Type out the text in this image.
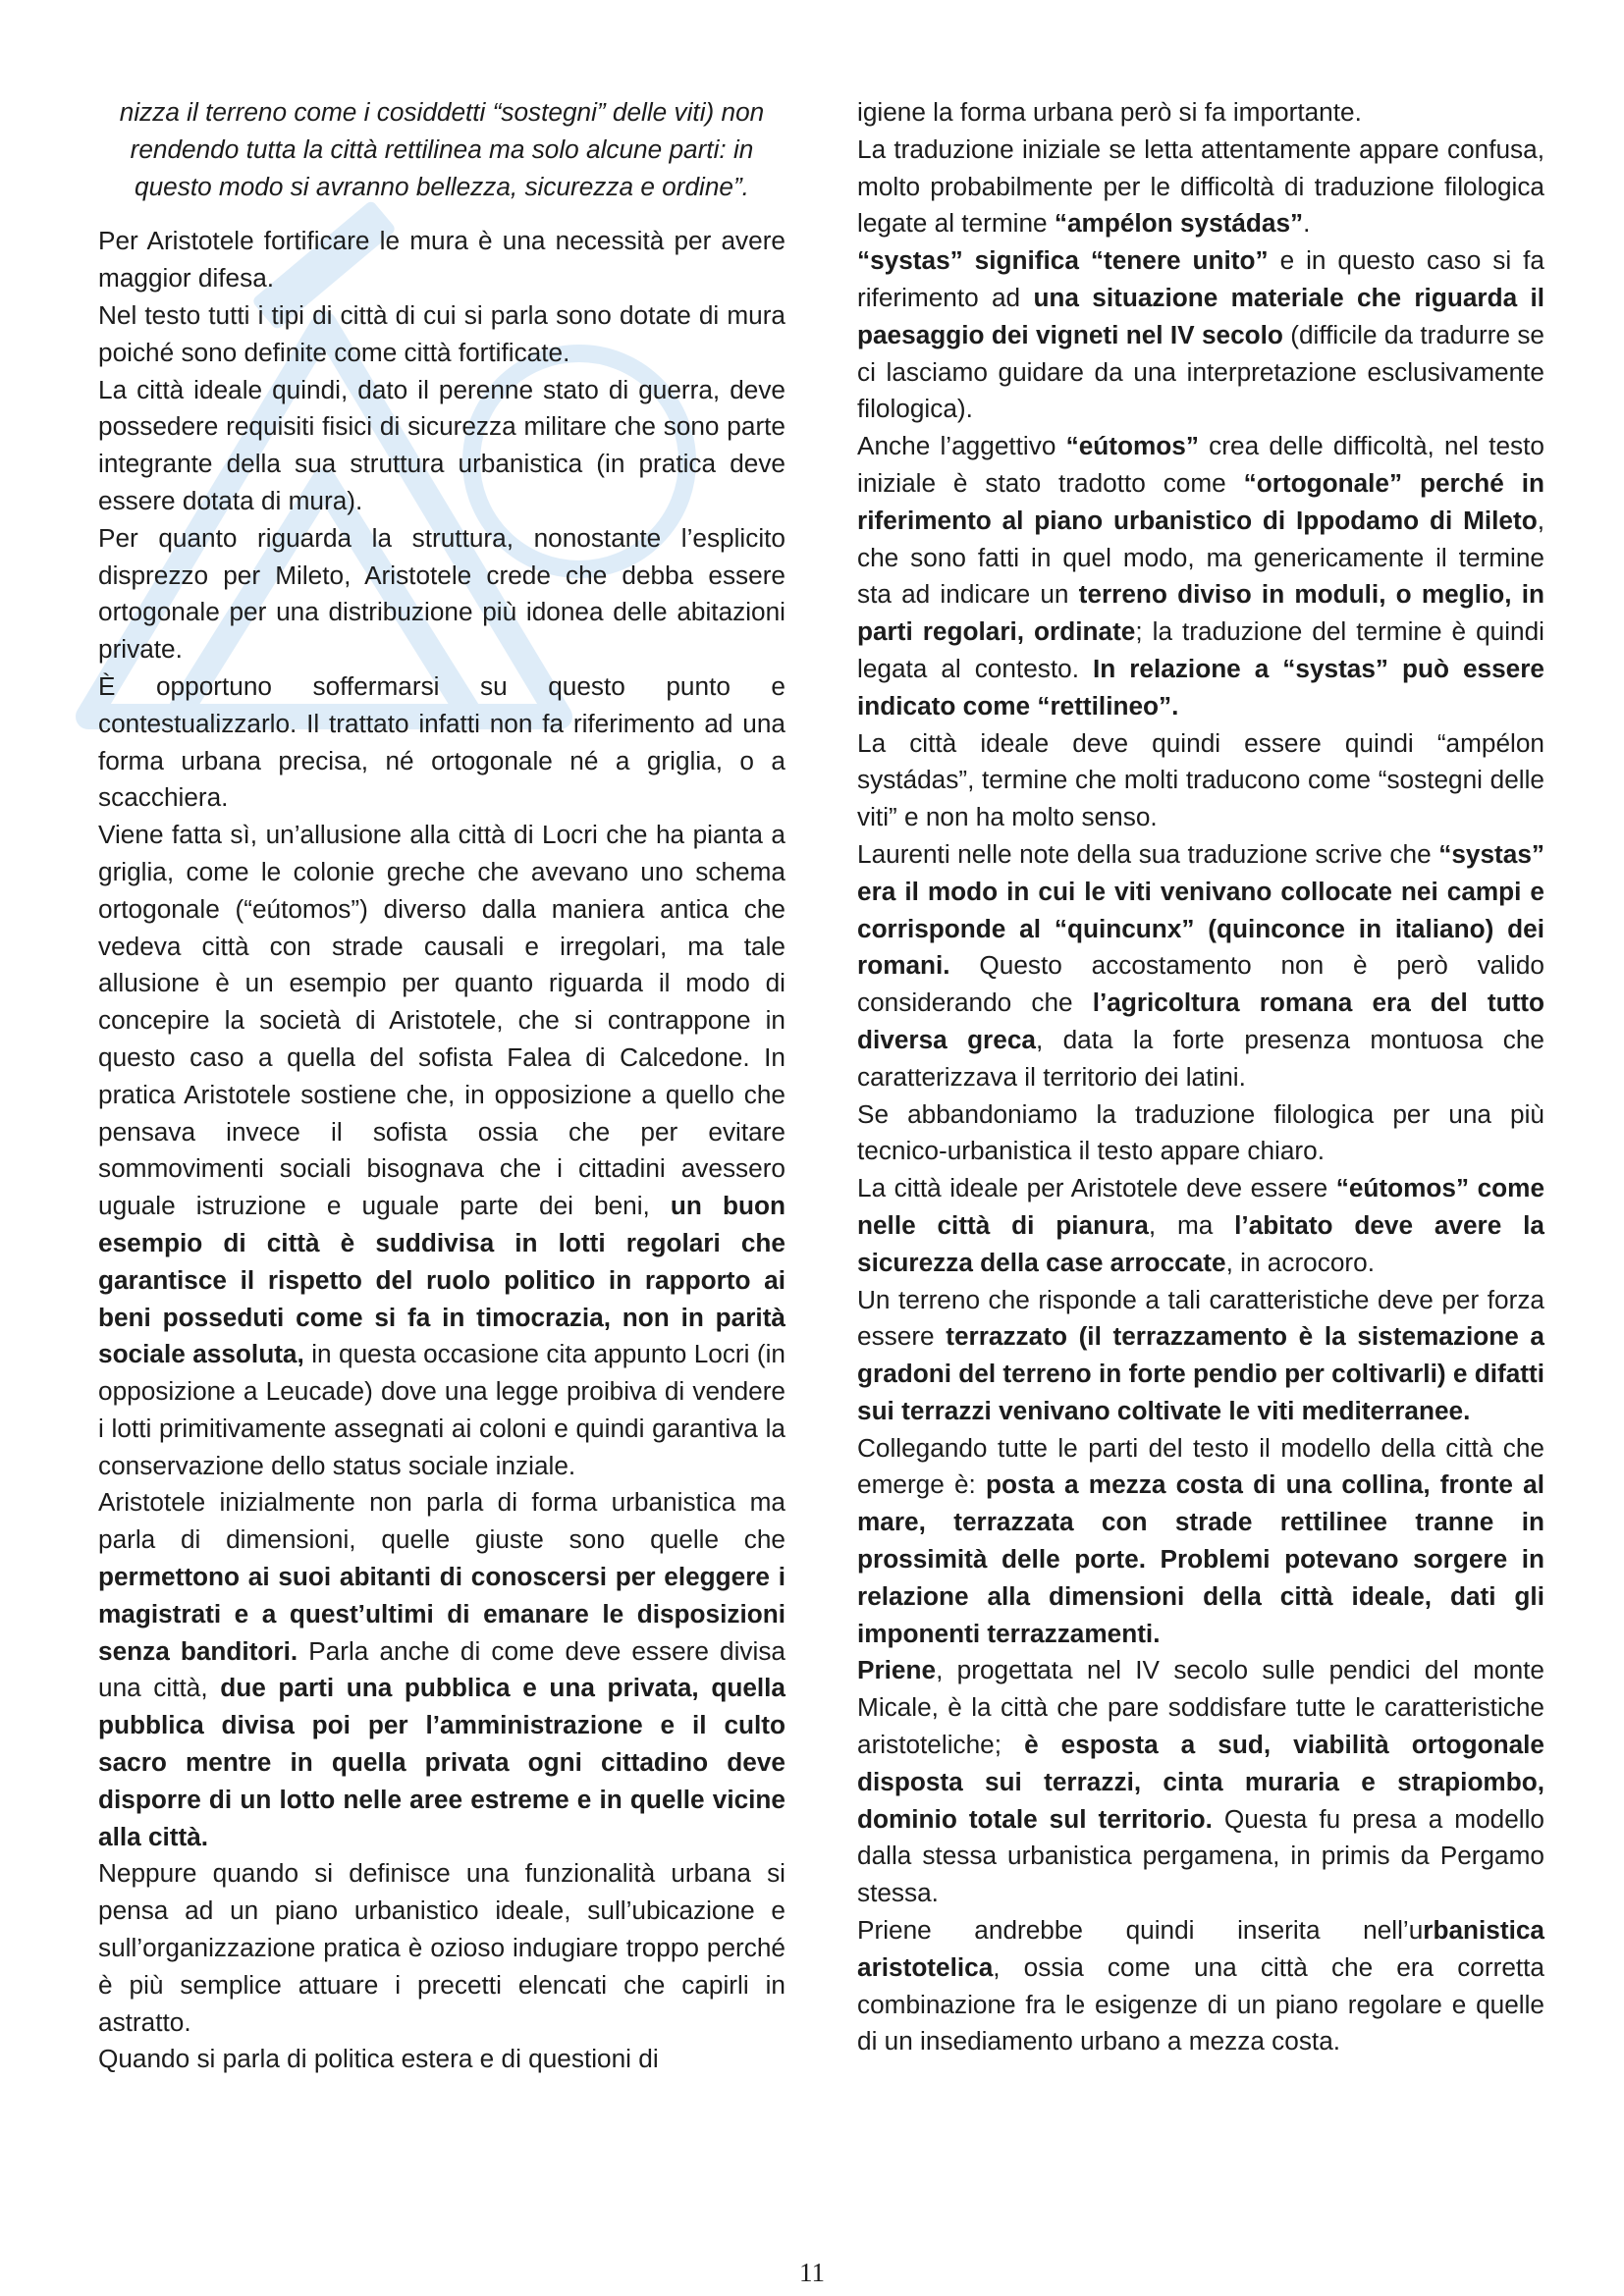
nizza il terreno come i cosiddetti “sostegni” delle viti) non rendendo tutta la città rettilinea ma solo alcune parti: in questo modo si avranno bellezza, sicurezza e ordine”.

Per Aristotele fortificare le mura è una necessità per avere maggior difesa.

Nel testo tutti i tipi di città di cui si parla sono dotate di mura poiché sono definite come città fortificate.

La città ideale quindi, dato il perenne stato di guerra, deve possedere requisiti fisici di sicurezza militare che sono parte integrante della sua struttura urbanistica (in pratica deve essere dotata di mura).

Per quanto riguarda la struttura, nonostante l’esplicito disprezzo per Mileto, Aristotele crede che debba essere ortogonale per una distribuzione più idonea delle abitazioni private.

È opportuno soffermarsi su questo punto e contestualizzarlo. Il trattato infatti non fa riferimento ad una forma urbana precisa, né ortogonale né a griglia, o a scacchiera.

Viene fatta sì, un’allusione alla città di Locri che ha pianta a griglia, come le colonie greche che avevano uno schema ortogonale (“eútomos”) diverso dalla maniera antica che vedeva città con strade causali e irregolari, ma tale allusione è un esempio per quanto riguarda il modo di concepire la società di Aristotele, che si contrappone in questo caso a quella del sofista Falea di Calcedone. In pratica Aristotele sostiene che, in opposizione a quello che pensava invece il sofista ossia che per evitare sommovimenti sociali bisognava che i cittadini avessero uguale istruzione e uguale parte dei beni, un buon esempio di città è suddivisa in lotti regolari che garantisce il rispetto del ruolo politico in rapporto ai beni posseduti come si fa in timocrazia, non in parità sociale assoluta, in questa occasione cita appunto Locri (in opposizione a Leucade) dove una legge proibiva di vendere i lotti primitivamente assegnati ai coloni e quindi garantiva la conservazione dello status sociale inziale.

Aristotele inizialmente non parla di forma urbanistica ma parla di dimensioni, quelle giuste sono quelle che permettono ai suoi abitanti di conoscersi per eleggere i magistrati e a quest’ultimi di emanare le disposizioni senza banditori. Parla anche di come deve essere divisa una città, due parti una pubblica e una privata, quella pubblica divisa poi per l’amministrazione e il culto sacro mentre in quella privata ogni cittadino deve disporre di un lotto nelle aree estreme e in quelle vicine alla città.

Neppure quando si definisce una funzionalità urbana si pensa ad un piano urbanistico ideale, sull’ubicazione e sull’organizzazione pratica è ozioso indugiare troppo perché è più semplice attuare i precetti elencati che capirli in astratto.

Quando si parla di politica estera e di questioni di

igiene la forma urbana però si fa importante.

La traduzione iniziale se letta attentamente appare confusa, molto probabilmente per le difficoltà di traduzione filologica legate al termine “ampélon systádas”.

“systas” significa “tenere unito” e in questo caso si fa riferimento ad una situazione materiale che riguarda il paesaggio dei vigneti nel IV secolo (difficile da tradurre se ci lasciamo guidare da una interpretazione esclusivamente filologica).

Anche l’aggettivo “eútomos” crea delle difficoltà, nel testo iniziale è stato tradotto come “ortogonale” perché in riferimento al piano urbanistico di Ippodamo di Mileto, che sono fatti in quel modo, ma genericamente il termine sta ad indicare un terreno diviso in moduli, o meglio, in parti regolari, ordinate; la traduzione del termine è quindi legata al contesto. In relazione a “systas” può essere indicato come “rettilineo”.

La città ideale deve quindi essere quindi “ampélon systádas”, termine che molti traducono come “sostegni delle viti” e non ha molto senso.

Laurenti nelle note della sua traduzione scrive che “systas” era il modo in cui le viti venivano collocate nei campi e corrisponde al “quincunx” (quinconce in italiano) dei romani. Questo accostamento non è però valido considerando che l’agricoltura romana era del tutto diversa greca, data la forte presenza montuosa che caratterizzava il territorio dei latini.

Se abbandoniamo la traduzione filologica per una più tecnico-urbanistica il testo appare chiaro.

La città ideale per Aristotele deve essere “eútomos” come nelle città di pianura, ma l’abitato deve avere la sicurezza della case arroccate, in acrocoro.

Un terreno che risponde a tali caratteristiche deve per forza essere terrazzato (il terrazzamento è la sistemazione a gradoni del terreno in forte pendio per coltivarli) e difatti sui terrazzi venivano coltivate le viti mediterranee.

Collegando tutte le parti del testo il modello della città che emerge è: posta a mezza costa di una collina, fronte al mare, terrazzata con strade rettilinee tranne in prossimità delle porte. Problemi potevano sorgere in relazione alla dimensioni della città ideale, dati gli imponenti terrazzamenti.

Priene, progettata nel IV secolo sulle pendici del monte Micale, è la città che pare soddisfare tutte le caratteristiche aristoteliche; è esposta a sud, viabilità ortogonale disposta sui terrazzi, cinta muraria e strapiombo, dominio totale sul territorio. Questa fu presa a modello dalla stessa urbanistica pergamena, in primis da Pergamo stessa.

Priene andrebbe quindi inserita nell’urbanistica aristotelica, ossia come una città che era corretta combinazione fra le esigenze di un piano regolare e quelle di un insediamento urbano a mezza costa.

11
